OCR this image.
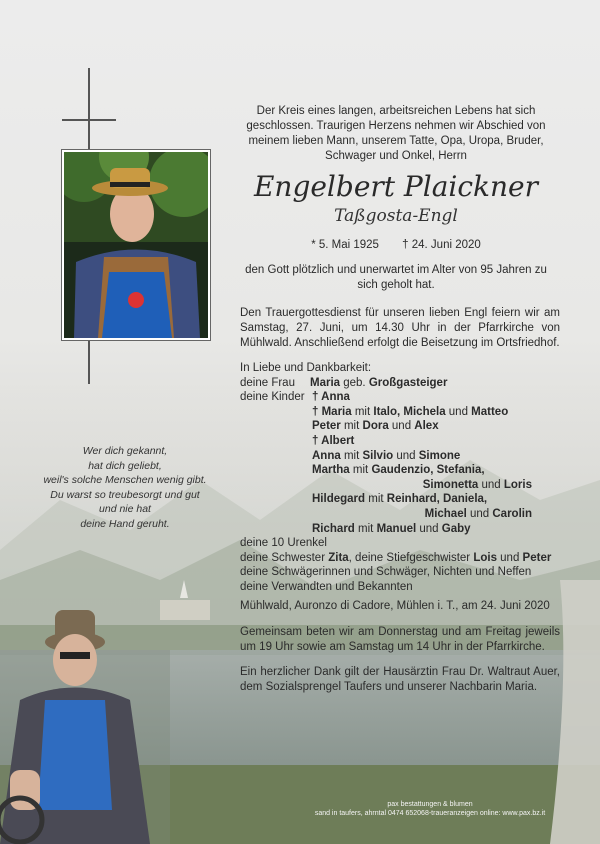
Der Kreis eines langen, arbeitsreichen Lebens hat sich geschlossen. Traurigen Herzens nehmen wir Abschied von meinem lieben Mann, unserem Tatte, Opa, Uropa, Bruder, Schwager und Onkel, Herrn
Engelbert Plaickner
Taßgosta-Engl
* 5. Mai 1925 † 24. Juni 2020
den Gott plötzlich und unerwartet im Alter von 95 Jahren zu sich geholt hat.
Den Trauergottesdienst für unseren lieben Engl feiern wir am Samstag, 27. Juni, um 14.30 Uhr in der Pfarrkirche von Mühlwald. Anschließend erfolgt die Beisetzung im Ortsfriedhof.
Wer dich gekannt,
hat dich geliebt,
weil's solche Menschen wenig gibt.
Du warst so treubesorgt und gut
und nie hat
deine Hand geruht.
In Liebe und Dankbarkeit:
deine Frau Maria geb. Großgasteiger
deine Kinder † Anna
† Maria mit Italo, Michela und Matteo
Peter mit Dora und Alex
† Albert
Anna mit Silvio und Simone
Martha mit Gaudenzio, Stefania,
Simonetta und Loris
Hildegard mit Reinhard, Daniela,
Michael und Carolin
Richard mit Manuel und Gaby
deine 10 Urenkel
deine Schwester Zita, deine Stiefgeschwister Lois und Peter
deine Schwägerinnen und Schwäger, Nichten und Neffen
deine Verwandten und Bekannten
Mühlwald, Auronzo di Cadore, Mühlen i. T., am 24. Juni 2020
Gemeinsam beten wir am Donnerstag und am Freitag jeweils um 19 Uhr sowie am Samstag um 14 Uhr in der Pfarrkirche.
Ein herzlicher Dank gilt der Hausärztin Frau Dr. Waltraut Auer, dem Sozialsprengel Taufers und unserer Nachbarin Maria.
pax bestattungen & blumen
sand in taufers, ahrntal 0474 652068-traueranzeigen online: www.pax.bz.it
